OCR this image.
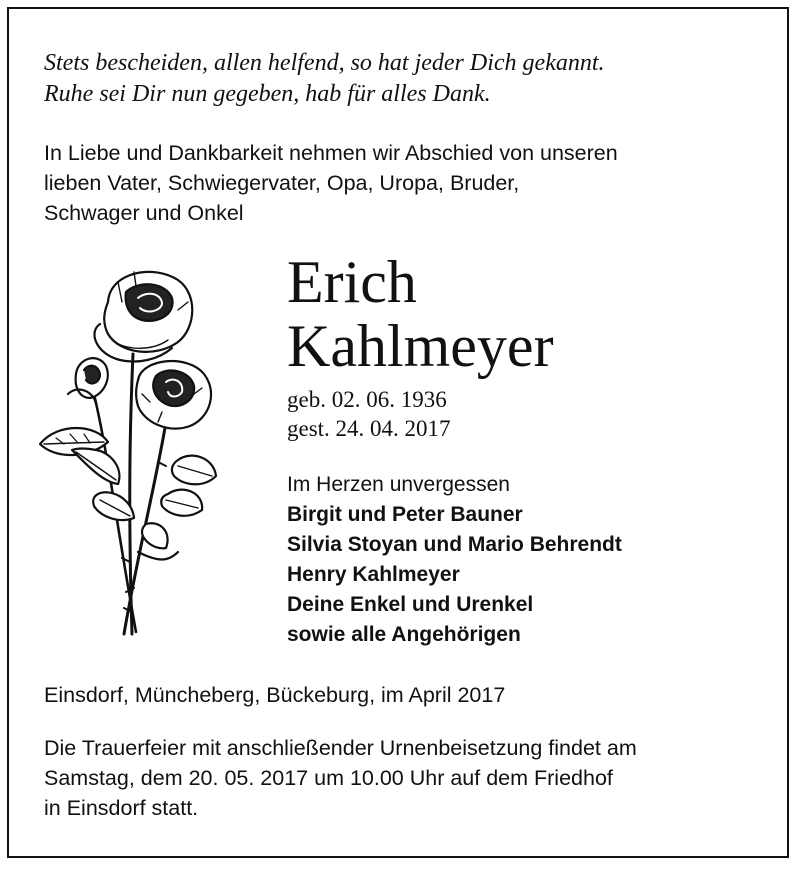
Stets bescheiden, allen helfend, so hat jeder Dich gekannt.
Ruhe sei Dir nun gegeben, hab für alles Dank.
In Liebe und Dankbarkeit nehmen wir Abschied von unseren
lieben Vater, Schwiegervater, Opa, Uropa, Bruder,
Schwager und Onkel
Erich
Kahlmeyer
geb. 02. 06. 1936
gest. 24. 04. 2017
Im Herzen unvergessen
Birgit und Peter Bauner
Silvia Stoyan und Mario Behrendt
Henry Kahlmeyer
Deine Enkel und Urenkel
sowie alle Angehörigen
Einsdorf, Müncheberg, Bückeburg, im April 2017
Die Trauerfeier mit anschließender Urnenbeisetzung findet am
Samstag, dem 20. 05. 2017 um 10.00 Uhr auf dem Friedhof
in Einsdorf statt.
